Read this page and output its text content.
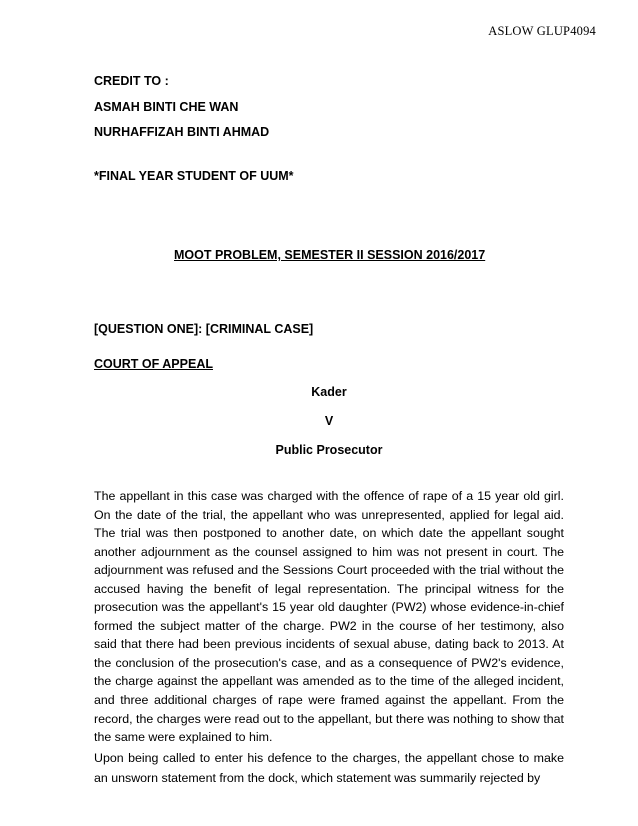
ASLOW GLUP4094
CREDIT TO :
ASMAH BINTI CHE WAN
NURHAFFIZAH BINTI AHMAD
*FINAL YEAR STUDENT OF UUM*
MOOT PROBLEM, SEMESTER II SESSION 2016/2017
[QUESTION ONE]: [CRIMINAL CASE]
COURT OF APPEAL
Kader
V
Public Prosecutor

The appellant in this case was charged with the offence of rape of a 15 year old girl. On the date of the trial, the appellant who was unrepresented, applied for legal aid. The trial was then postponed to another date, on which date the appellant sought another adjournment as the counsel assigned to him was not present in court. The adjournment was refused and the Sessions Court proceeded with the trial without the accused having the benefit of legal representation. The principal witness for the prosecution was the appellant's 15 year old daughter (PW2) whose evidence-in-chief formed the subject matter of the charge. PW2 in the course of her testimony, also said that there had been previous incidents of sexual abuse, dating back to 2013. At the conclusion of the prosecution's case, and as a consequence of PW2's evidence, the charge against the appellant was amended as to the time of the alleged incident, and three additional charges of rape were framed against the appellant. From the record, the charges were read out to the appellant, but there was nothing to show that the same were explained to him.

Upon being called to enter his defence to the charges, the appellant chose to make an unsworn statement from the dock, which statement was summarily rejected by
